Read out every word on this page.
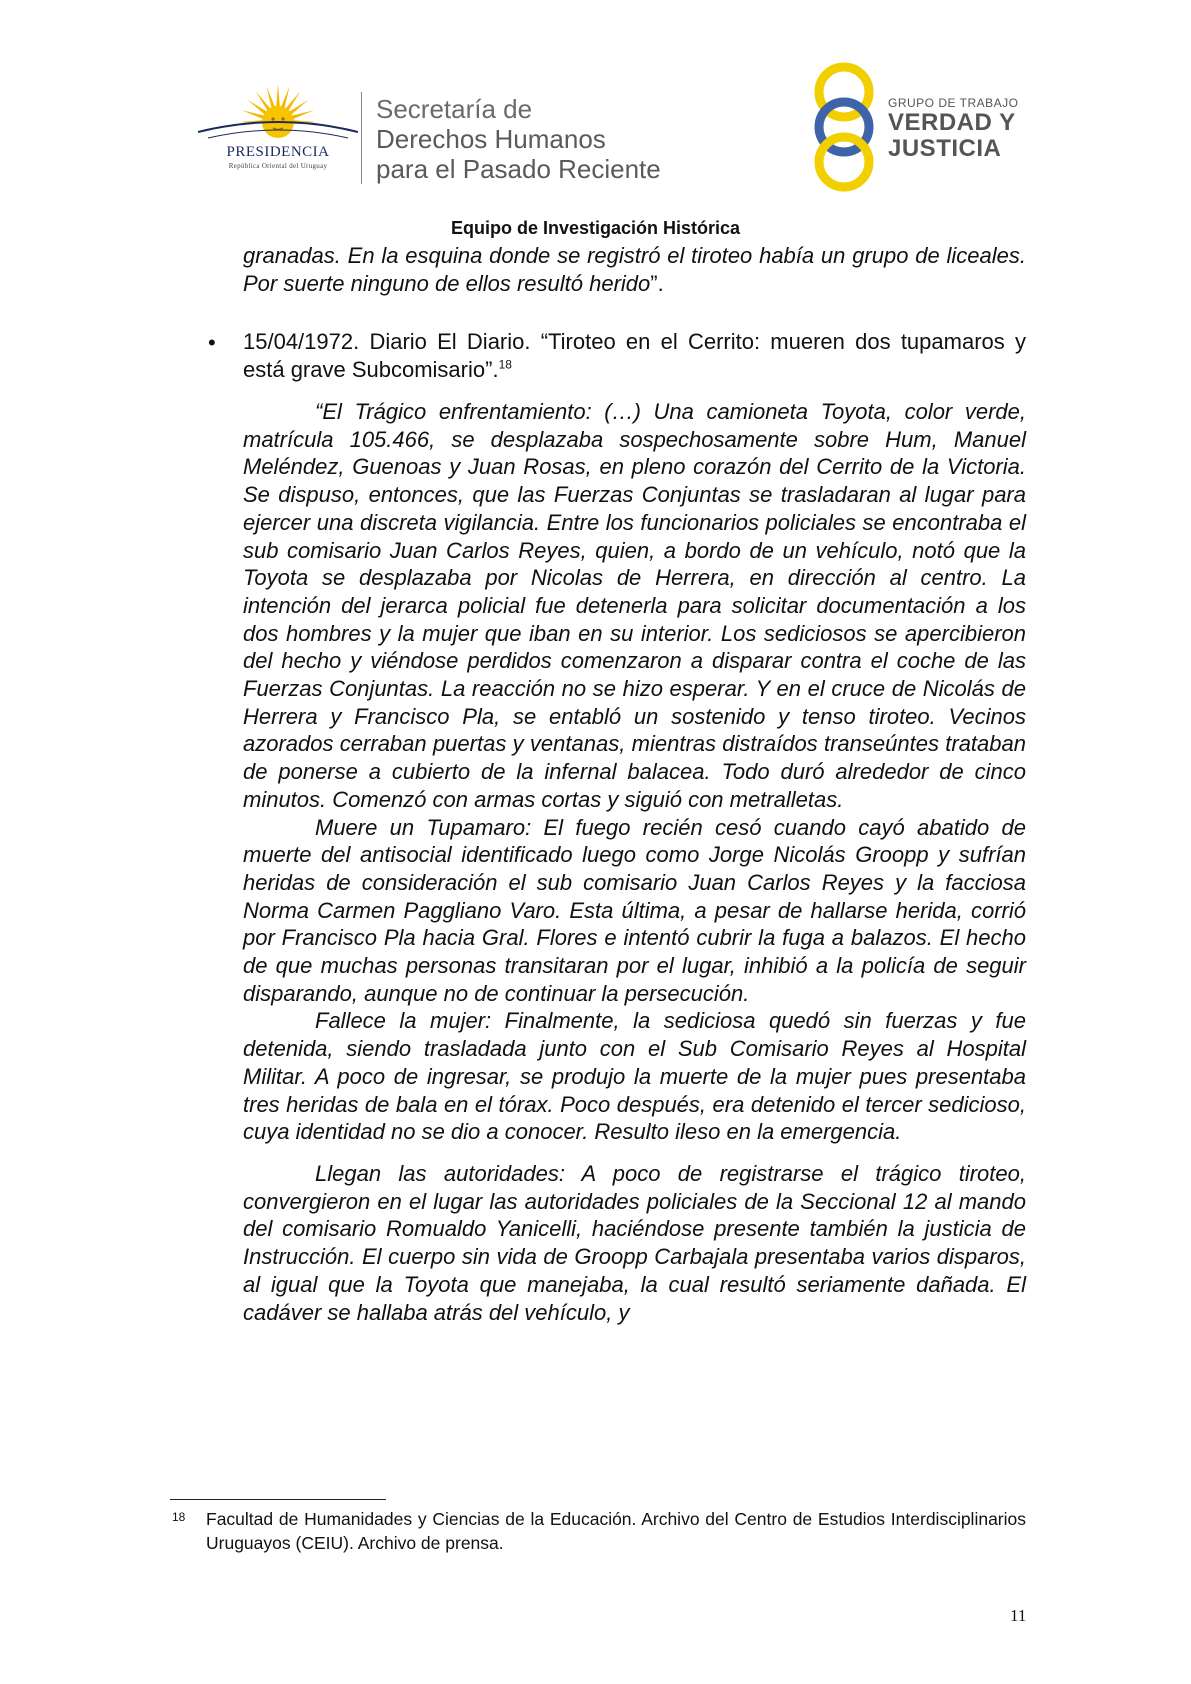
PRESIDENCIA
República Oriental del Uruguay
Secretaría de
Derechos Humanos
para el Pasado Reciente
GRUPO DE TRABAJO
VERDAD Y
JUSTICIA
Equipo de Investigación Histórica
granadas. En la esquina donde se registró el tiroteo había un grupo de liceales. Por suerte ninguno de ellos resultó herido”.
• 15/04/1972. Diario El Diario. “Tiroteo en el Cerrito: mueren dos tupamaros y está grave Subcomisario”.$^{18}$
“El Trágico enfrentamiento: (…) Una camioneta Toyota, color verde, matrícula 105.466, se desplazaba sospechosamente sobre Hum, Manuel Meléndez, Guenoas y Juan Rosas, en pleno corazón del Cerrito de la Victoria. Se dispuso, entonces, que las Fuerzas Conjuntas se trasladaran al lugar para ejercer una discreta vigilancia. Entre los funcionarios policiales se encontraba el sub comisario Juan Carlos Reyes, quien, a bordo de un vehículo, notó que la Toyota se desplazaba por Nicolas de Herrera, en dirección al centro. La intención del jerarca policial fue detenerla para solicitar documentación a los dos hombres y la mujer que iban en su interior. Los sediciosos se apercibieron del hecho y viéndose perdidos comenzaron a disparar contra el coche de las Fuerzas Conjuntas. La reacción no se hizo esperar. Y en el cruce de Nicolás de Herrera y Francisco Pla, se entabló un sostenido y tenso tiroteo. Vecinos azorados cerraban puertas y ventanas, mientras distraídos transeúntes trataban de ponerse a cubierto de la infernal balacea. Todo duró alrededor de cinco minutos. Comenzó con armas cortas y siguió con metralletas.
Muere un Tupamaro: El fuego recién cesó cuando cayó abatido de muerte del antisocial identificado luego como Jorge Nicolás Groopp y sufrían heridas de consideración el sub comisario Juan Carlos Reyes y la facciosa Norma Carmen Paggliano Varo. Esta última, a pesar de hallarse herida, corrió por Francisco Pla hacia Gral. Flores e intentó cubrir la fuga a balazos. El hecho de que muchas personas transitaran por el lugar, inhibió a la policía de seguir disparando, aunque no de continuar la persecución.
Fallece la mujer: Finalmente, la sediciosa quedó sin fuerzas y fue detenida, siendo trasladada junto con el Sub Comisario Reyes al Hospital Militar. A poco de ingresar, se produjo la muerte de la mujer pues presentaba tres heridas de bala en el tórax. Poco después, era detenido el tercer sedicioso, cuya identidad no se dio a conocer. Resulto ileso en la emergencia.
Llegan las autoridades: A poco de registrarse el trágico tiroteo, convergieron en el lugar las autoridades policiales de la Seccional 12 al mando del comisario Romualdo Yanicelli, haciéndose presente también la justicia de Instrucción. El cuerpo sin vida de Groopp Carbajala presentaba varios disparos, al igual que la Toyota que manejaba, la cual resultó seriamente dañada. El cadáver se hallaba atrás del vehículo, y
18 Facultad de Humanidades y Ciencias de la Educación. Archivo del Centro de Estudios Interdisciplinarios Uruguayos (CEIU). Archivo de prensa.
11
